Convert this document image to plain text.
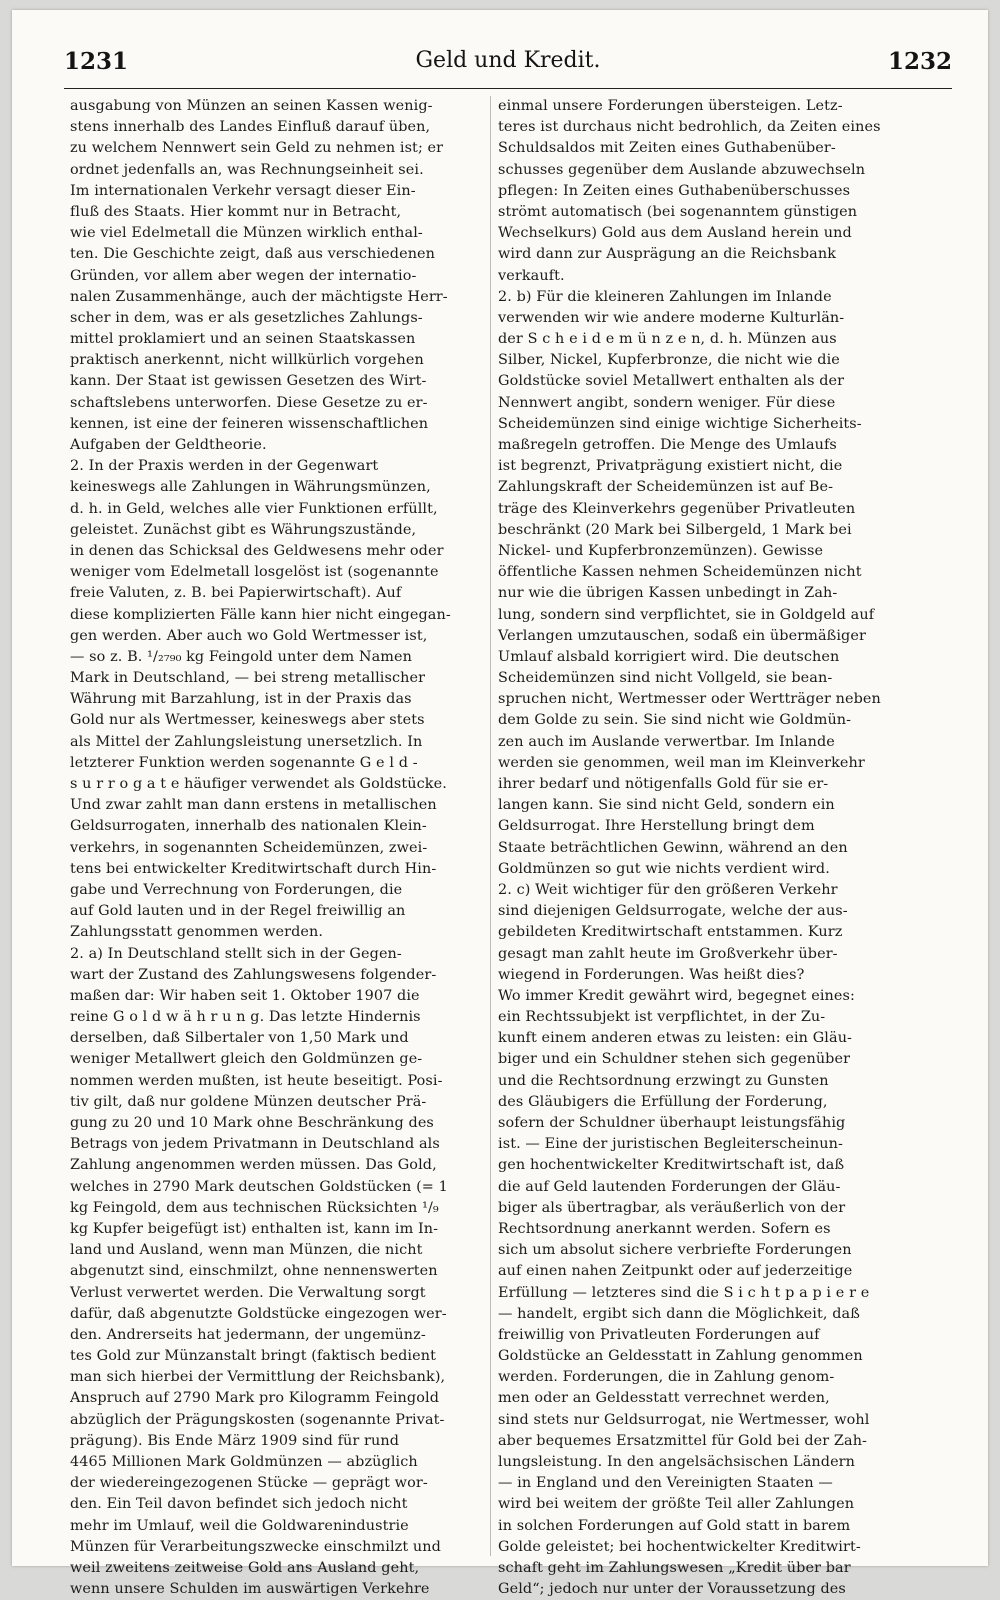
1231	Geld und Kredit.	1232
ausgabung von Münzen an seinen Kassen wenig-
stens innerhalb des Landes Einfluß darauf üben,
zu welchem Nennwert sein Geld zu nehmen ist; er
ordnet jedenfalls an, was Rechnungseinheit sei.
Im internationalen Verkehr versagt dieser Ein-
fluß des Staats. Hier kommt nur in Betracht,
wie viel Edelmetall die Münzen wirklich enthal-
ten. Die Geschichte zeigt, daß aus verschiedenen
Gründen, vor allem aber wegen der internatio-
nalen Zusammenhänge, auch der mächtigste Herr-
scher in dem, was er als gesetzliches Zahlungs-
mittel proklamiert und an seinen Staatskassen
praktisch anerkennt, nicht willkürlich vorgehen
kann. Der Staat ist gewissen Gesetzen des Wirt-
schaftslebens unterworfen. Diese Gesetze zu er-
kennen, ist eine der feineren wissenschaftlichen
Aufgaben der Geldtheorie.
2. In der Praxis werden in der Gegenwart
keineswegs alle Zahlungen in Währungsmünzen,
d. h. in Geld, welches alle vier Funktionen erfüllt,
geleistet. Zunächst gibt es Währungszustände,
in denen das Schicksal des Geldwesens mehr oder
weniger vom Edelmetall losgelöst ist (sogenannte
freie Valuten, z. B. bei Papierwirtschaft). Auf
diese komplizierten Fälle kann hier nicht eingegan-
gen werden. Aber auch wo Gold Wertmesser ist,
— so z. B. ¹/₂₇₉₀ kg Feingold unter dem Namen
Mark in Deutschland, — bei streng metallischer
Währung mit Barzahlung, ist in der Praxis das
Gold nur als Wertmesser, keineswegs aber stets
als Mittel der Zahlungsleistung unersetzlich. In
letzterer Funktion werden sogenannte G e l d -
s u r r o g a t e häufiger verwendet als Goldstücke.
Und zwar zahlt man dann erstens in metallischen
Geldsurrogaten, innerhalb des nationalen Klein-
verkehrs, in sogenannten Scheidemünzen, zwei-
tens bei entwickelter Kreditwirtschaft durch Hin-
gabe und Verrechnung von Forderungen, die
auf Gold lauten und in der Regel freiwillig an
Zahlungsstatt genommen werden.
2. a) In Deutschland stellt sich in der Gegen-
wart der Zustand des Zahlungswesens folgender-
maßen dar: Wir haben seit 1. Oktober 1907 die
reine G o l d w ä h r u n g. Das letzte Hindernis
derselben, daß Silbertaler von 1,50 Mark und
weniger Metallwert gleich den Goldmünzen ge-
nommen werden mußten, ist heute beseitigt. Posi-
tiv gilt, daß nur goldene Münzen deutscher Prä-
gung zu 20 und 10 Mark ohne Beschränkung des
Betrags von jedem Privatmann in Deutschland als
Zahlung angenommen werden müssen. Das Gold,
welches in 2790 Mark deutschen Goldstücken (= 1
kg Feingold, dem aus technischen Rücksichten ¹/₉
kg Kupfer beigefügt ist) enthalten ist, kann im In-
land und Ausland, wenn man Münzen, die nicht
abgenutzt sind, einschmilzt, ohne nennenswerten
Verlust verwertet werden. Die Verwaltung sorgt
dafür, daß abgenutzte Goldstücke eingezogen wer-
den. Andrerseits hat jedermann, der ungemünz-
tes Gold zur Münzanstalt bringt (faktisch bedient
man sich hierbei der Vermittlung der Reichsbank),
Anspruch auf 2790 Mark pro Kilogramm Feingold
abzüglich der Prägungskosten (sogenannte Privat-
prägung). Bis Ende März 1909 sind für rund
4465 Millionen Mark Goldmünzen — abzüglich
der wiedereingezogenen Stücke — geprägt wor-
den. Ein Teil davon befindet sich jedoch nicht
mehr im Umlauf, weil die Goldwarenindustrie
Münzen für Verarbeitungszwecke einschmilzt und
weil zweitens zeitweise Gold ans Ausland geht,
wenn unsere Schulden im auswärtigen Verkehre
einmal unsere Forderungen übersteigen. Letz-
teres ist durchaus nicht bedrohlich, da Zeiten eines
Schuldsaldos mit Zeiten eines Guthabenüber-
schusses gegenüber dem Auslande abzuwechseln
pflegen: In Zeiten eines Guthabenüberschusses
strömt automatisch (bei sogenanntem günstigen
Wechselkurs) Gold aus dem Ausland herein und
wird dann zur Ausprägung an die Reichsbank
verkauft.
2. b) Für die kleineren Zahlungen im Inlande
verwenden wir wie andere moderne Kulturlän-
der S c h e i d e m ü n z e n, d. h. Münzen aus
Silber, Nickel, Kupferbronze, die nicht wie die
Goldstücke soviel Metallwert enthalten als der
Nennwert angibt, sondern weniger. Für diese
Scheidemünzen sind einige wichtige Sicherheits-
maßregeln getroffen. Die Menge des Umlaufs
ist begrenzt, Privatprägung existiert nicht, die
Zahlungskraft der Scheidemünzen ist auf Be-
träge des Kleinverkehrs gegenüber Privatleuten
beschränkt (20 Mark bei Silbergeld, 1 Mark bei
Nickel- und Kupferbronzemünzen). Gewisse
öffentliche Kassen nehmen Scheidemünzen nicht
nur wie die übrigen Kassen unbedingt in Zah-
lung, sondern sind verpflichtet, sie in Goldgeld auf
Verlangen umzutauschen, sodaß ein übermäßiger
Umlauf alsbald korrigiert wird. Die deutschen
Scheidemünzen sind nicht Vollgeld, sie bean-
spruchen nicht, Wertmesser oder Wertträger neben
dem Golde zu sein. Sie sind nicht wie Goldmün-
zen auch im Auslande verwertbar. Im Inlande
werden sie genommen, weil man im Kleinverkehr
ihrer bedarf und nötigenfalls Gold für sie er-
langen kann. Sie sind nicht Geld, sondern ein
Geldsurrogat. Ihre Herstellung bringt dem
Staate beträchtlichen Gewinn, während an den
Goldmünzen so gut wie nichts verdient wird.
2. c) Weit wichtiger für den größeren Verkehr
sind diejenigen Geldsurrogate, welche der aus-
gebildeten Kreditwirtschaft entstammen. Kurz
gesagt man zahlt heute im Großverkehr über-
wiegend in Forderungen. Was heißt dies?
Wo immer Kredit gewährt wird, begegnet eines:
ein Rechtssubjekt ist verpflichtet, in der Zu-
kunft einem anderen etwas zu leisten: ein Gläu-
biger und ein Schuldner stehen sich gegenüber
und die Rechtsordnung erzwingt zu Gunsten
des Gläubigers die Erfüllung der Forderung,
sofern der Schuldner überhaupt leistungsfähig
ist. — Eine der juristischen Begleiterscheinun-
gen hochentwickelter Kreditwirtschaft ist, daß
die auf Geld lautenden Forderungen der Gläu-
biger als übertragbar, als veräußerlich von der
Rechtsordnung anerkannt werden. Sofern es
sich um absolut sichere verbriefte Forderungen
auf einen nahen Zeitpunkt oder auf jederzeitige
Erfüllung — letzteres sind die S i c h t p a p i e r e
— handelt, ergibt sich dann die Möglichkeit, daß
freiwillig von Privatleuten Forderungen auf
Goldstücke an Geldesstatt in Zahlung genommen
werden. Forderungen, die in Zahlung genom-
men oder an Geldesstatt verrechnet werden,
sind stets nur Geldsurrogat, nie Wertmesser, wohl
aber bequemes Ersatzmittel für Gold bei der Zah-
lungsleistung. In den angelsächsischen Ländern
— in England und den Vereinigten Staaten —
wird bei weitem der größte Teil aller Zahlungen
in solchen Forderungen auf Gold statt in barem
Golde geleistet; bei hochentwickelter Kreditwirt-
schaft geht im Zahlungswesen „Kredit über bar
Geld“; jedoch nur unter der Voraussetzung des
